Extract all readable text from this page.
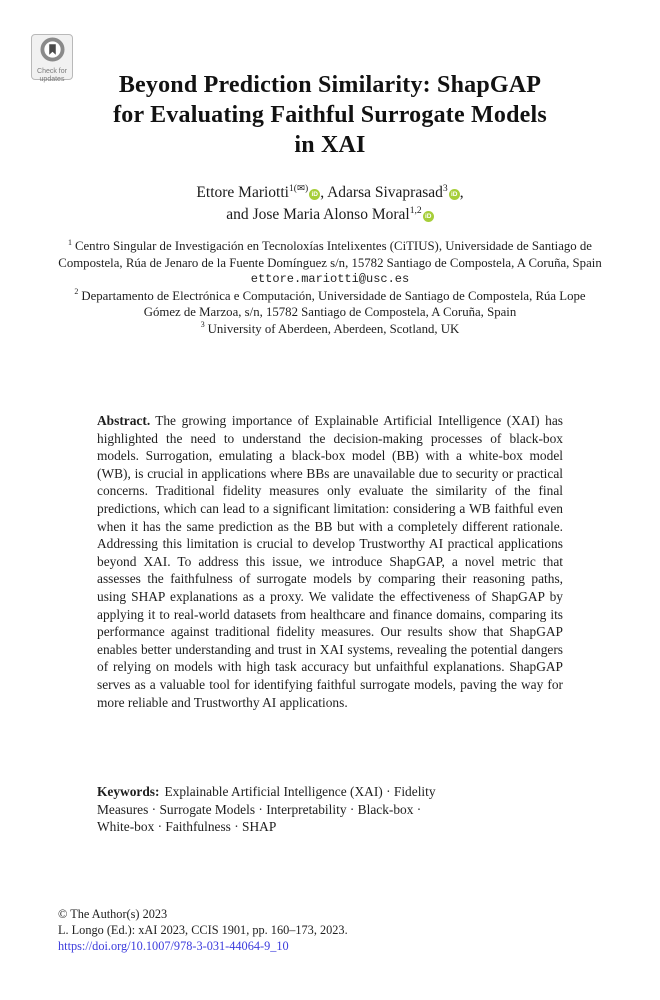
Check for
updates	Beyond Prediction Similarity: ShapGAP
for Evaluating Faithful Surrogate Models
in XAI
Ettore Mariotti$^{1(✉)}$iD , Adarsa Sivaprasad$^3$iD ,
and Jose Maria Alonso Moral$^{1,2}$iD
$^1$ Centro Singular de Investigación en Tecnoloxías Intelixentes (CiTIUS), Universidade de Santiago de Compostela, Rúa de Jenaro de la Fuente Domínguez s/n, 15782 Santiago de Compostela, A Coruña, Spain
ettore.mariotti@usc.es
$^2$ Departamento de Electrónica e Computación, Universidade de Santiago de Compostela, Rúa Lope Gómez de Marzoa, s/n, 15782 Santiago de Compostela, A Coruña, Spain
$^3$ University of Aberdeen, Aberdeen, Scotland, UK
Abstract. The growing importance of Explainable Artificial Intelligence (XAI) has highlighted the need to understand the decision-making processes of black-box models. Surrogation, emulating a black-box model (BB) with a white-box model (WB), is crucial in applications where BBs are unavailable due to security or practical concerns. Traditional fidelity measures only evaluate the similarity of the final predictions, which can lead to a significant limitation: considering a WB faithful even when it has the same prediction as the BB but with a completely different rationale. Addressing this limitation is crucial to develop Trustworthy AI practical applications beyond XAI. To address this issue, we introduce ShapGAP, a novel metric that assesses the faithfulness of surrogate models by comparing their reasoning paths, using SHAP explanations as a proxy. We validate the effectiveness of ShapGAP by applying it to real-world datasets from healthcare and finance domains, comparing its performance against traditional fidelity measures. Our results show that ShapGAP enables better understanding and trust in XAI systems, revealing the potential dangers of relying on models with high task accuracy but unfaithful explanations. ShapGAP serves as a valuable tool for identifying faithful surrogate models, paving the way for more reliable and Trustworthy AI applications.
Keywords: Explainable Artificial Intelligence (XAI) · Fidelity
Measures · Surrogate Models · Interpretability · Black-box ·
White-box · Faithfulness · SHAP
© The Author(s) 2023
L. Longo (Ed.): xAI 2023, CCIS 1901, pp. 160–173, 2023.
https://doi.org/10.1007/978-3-031-44064-9_10
